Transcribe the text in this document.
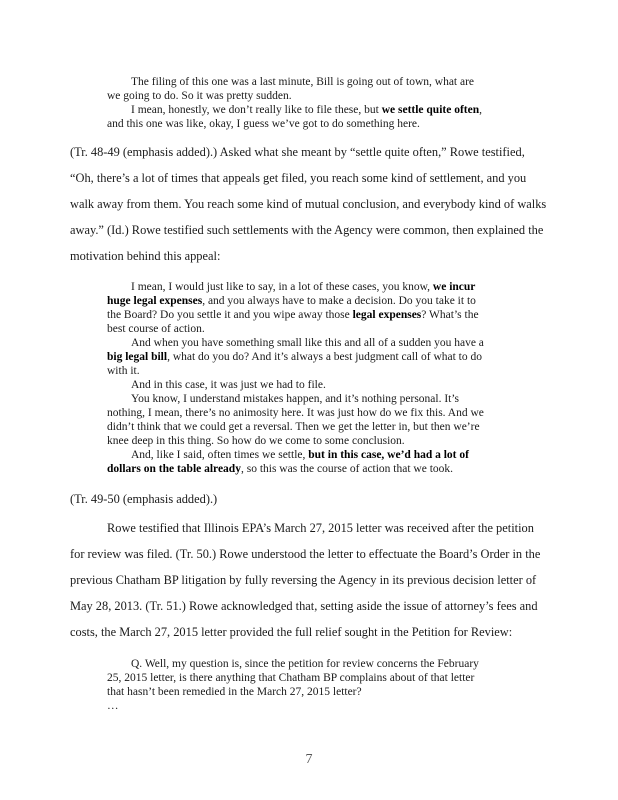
The filing of this one was a last minute, Bill is going out of town, what are
we going to do. So it was pretty sudden.
I mean, honestly, we don’t really like to file these, but we settle quite often,
and this one was like, okay, I guess we’ve got to do something here.
(Tr. 48-49 (emphasis added).) Asked what she meant by “settle quite often,” Rowe testified,
“Oh, there’s a lot of times that appeals get filed, you reach some kind of settlement, and you
walk away from them. You reach some kind of mutual conclusion, and everybody kind of walks
away.” (Id.) Rowe testified such settlements with the Agency were common, then explained the
motivation behind this appeal:
I mean, I would just like to say, in a lot of these cases, you know, we incur
huge legal expenses, and you always have to make a decision. Do you take it to
the Board? Do you settle it and you wipe away those legal expenses? What’s the
best course of action.
And when you have something small like this and all of a sudden you have a
big legal bill, what do you do? And it’s always a best judgment call of what to do
with it.
And in this case, it was just we had to file.
You know, I understand mistakes happen, and it’s nothing personal. It’s
nothing, I mean, there’s no animosity here. It was just how do we fix this. And we
didn’t think that we could get a reversal. Then we get the letter in, but then we’re
knee deep in this thing. So how do we come to some conclusion.
And, like I said, often times we settle, but in this case, we’d had a lot of
dollars on the table already, so this was the course of action that we took.
(Tr. 49-50 (emphasis added).)
Rowe testified that Illinois EPA’s March 27, 2015 letter was received after the petition
for review was filed. (Tr. 50.) Rowe understood the letter to effectuate the Board’s Order in the
previous Chatham BP litigation by fully reversing the Agency in its previous decision letter of
May 28, 2013. (Tr. 51.) Rowe acknowledged that, setting aside the issue of attorney’s fees and
costs, the March 27, 2015 letter provided the full relief sought in the Petition for Review:
Q. Well, my question is, since the petition for review concerns the February
25, 2015 letter, is there anything that Chatham BP complains about of that letter
that hasn’t been remedied in the March 27, 2015 letter?
…
7
